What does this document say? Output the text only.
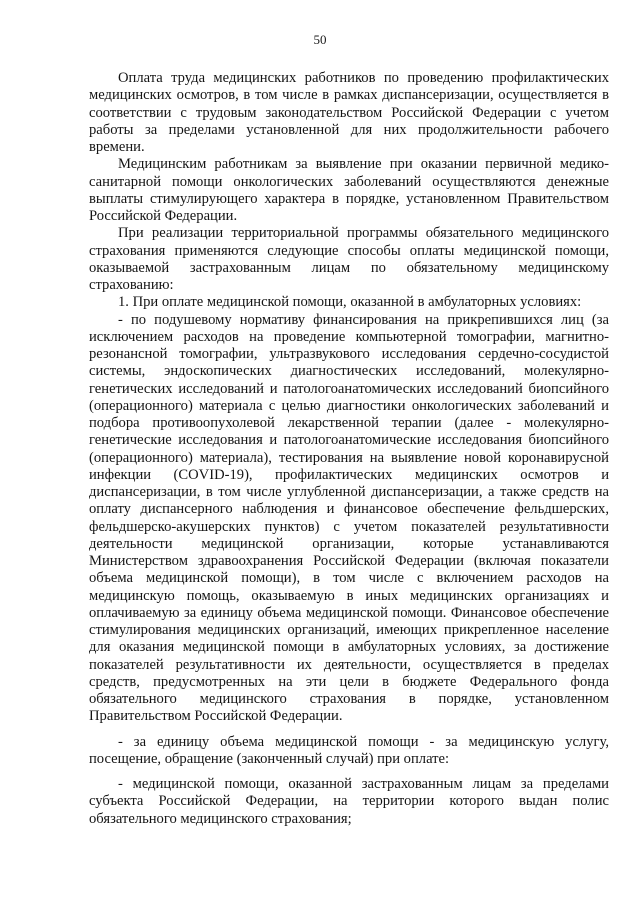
50

Оплата труда медицинских работников по проведению профилактических медицинских осмотров, в том числе в рамках диспансеризации, осуществляется в соответствии с трудовым законодательством Российской Федерации с учетом работы за пределами установленной для них продолжительности рабочего времени.

Медицинским работникам за выявление при оказании первичной медико-санитарной помощи онкологических заболеваний осуществляются денежные выплаты стимулирующего характера в порядке, установленном Правительством Российской Федерации.

При реализации территориальной программы обязательного медицинского страхования применяются следующие способы оплаты медицинской помощи, оказываемой застрахованным лицам по обязательному медицинскому страхованию:

1. При оплате медицинской помощи, оказанной в амбулаторных условиях:

- по подушевому нормативу финансирования на прикрепившихся лиц (за исключением расходов на проведение компьютерной томографии, магнитно-резонансной томографии, ультразвукового исследования сердечно-сосудистой системы, эндоскопических диагностических исследований, молекулярно-генетических исследований и патологоанатомических исследований биопсийного (операционного) материала с целью диагностики онкологических заболеваний и подбора противоопухолевой лекарственной терапии (далее - молекулярно-генетические исследования и патологоанатомические исследования биопсийного (операционного) материала), тестирования на выявление новой коронавирусной инфекции (COVID-19), профилактических медицинских осмотров и диспансеризации, в том числе углубленной диспансеризации, а также средств на оплату диспансерного наблюдения и финансовое обеспечение фельдшерских, фельдшерско-акушерских пунктов) с учетом показателей результативности деятельности медицинской организации, которые устанавливаются Министерством здравоохранения Российской Федерации (включая показатели объема медицинской помощи), в том числе с включением расходов на медицинскую помощь, оказываемую в иных медицинских организациях и оплачиваемую за единицу объема медицинской помощи. Финансовое обеспечение стимулирования медицинских организаций, имеющих прикрепленное население для оказания медицинской помощи в амбулаторных условиях, за достижение показателей результативности их деятельности, осуществляется в пределах средств, предусмотренных на эти цели в бюджете Федерального фонда обязательного медицинского страхования в порядке, установленном Правительством Российской Федерации.

- за единицу объема медицинской помощи - за медицинскую услугу, посещение, обращение (законченный случай) при оплате:

- медицинской помощи, оказанной застрахованным лицам за пределами субъекта Российской Федерации, на территории которого выдан полис обязательного медицинского страхования;
